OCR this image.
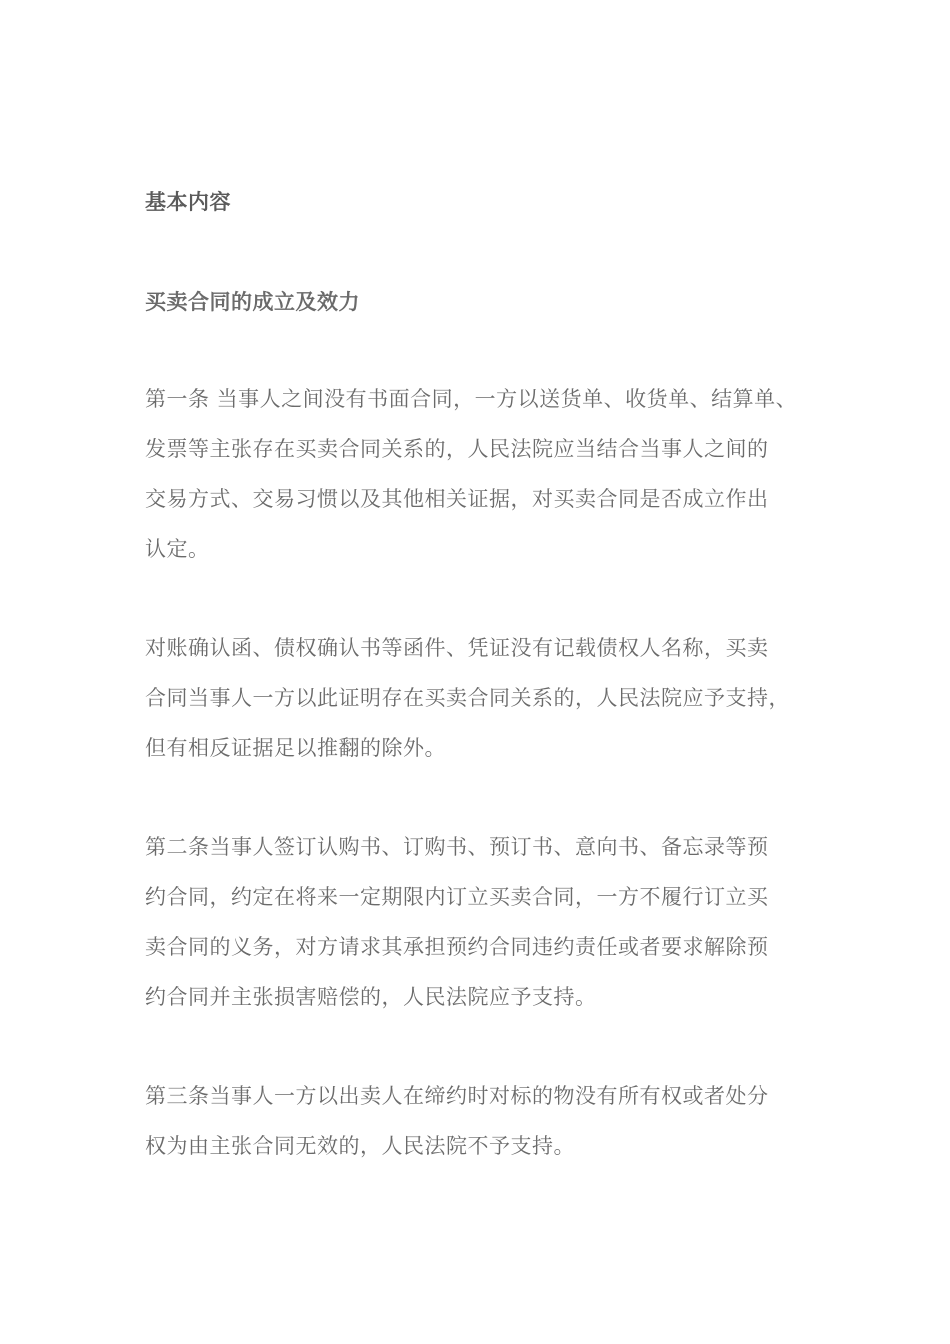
基本内容
买卖合同的成立及效力

第一条 当事人之间没有书面合同，一方以送货单、收货单、结算单、
发票等主张存在买卖合同关系的，人民法院应当结合当事人之间的
交易方式、交易习惯以及其他相关证据，对买卖合同是否成立作出
认定。

对账确认函、债权确认书等函件、凭证没有记载债权人名称，买卖
合同当事人一方以此证明存在买卖合同关系的，人民法院应予支持，
但有相反证据足以推翻的除外。

第二条当事人签订认购书、订购书、预订书、意向书、备忘录等预
约合同，约定在将来一定期限内订立买卖合同，一方不履行订立买
卖合同的义务，对方请求其承担预约合同违约责任或者要求解除预
约合同并主张损害赔偿的，人民法院应予支持。

第三条当事人一方以出卖人在缔约时对标的物没有所有权或者处分
权为由主张合同无效的，人民法院不予支持。
